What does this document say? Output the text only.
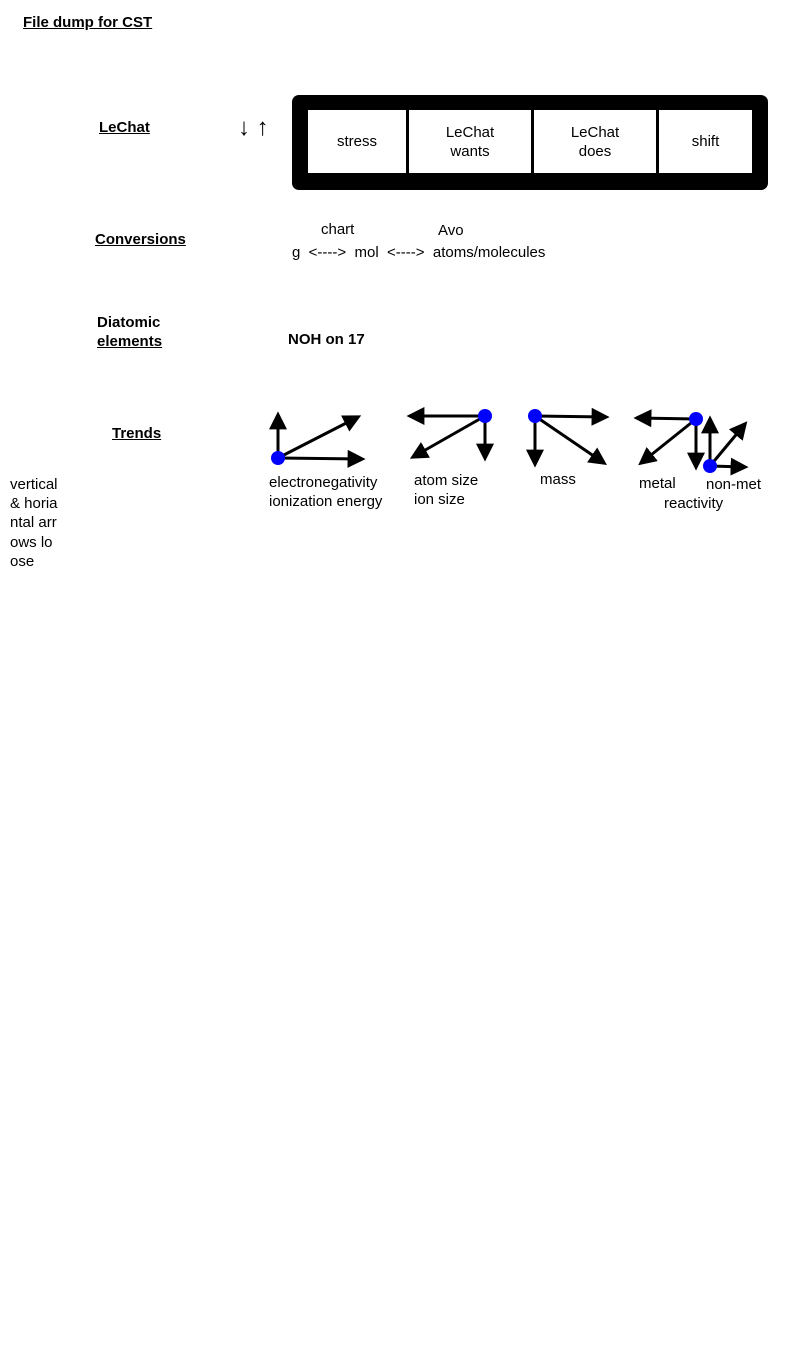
File dump for CST
LeChat	↓ ↑
stress
LeChat wants
LeChat does
shift
Conversions
chart	Avo
g  <---->  mol  <---->  atoms/molecules
Diatomic
elements	NOH on 17
Trends
electronegativity
ionization energy
atom size
ion size
mass	metal non-met
reactivity
vertical & horiantal arrows loose
